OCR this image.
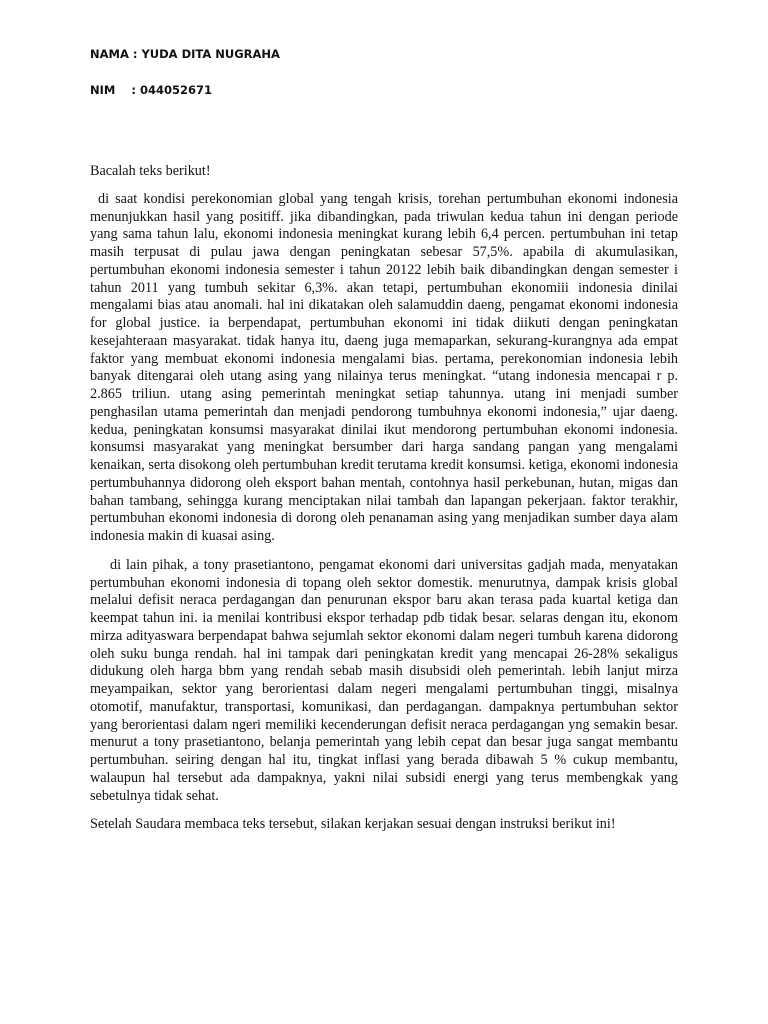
NAMA : YUDA DITA NUGRAHA
NIM    : 044052671

Bacalah teks berikut!

di saat kondisi perekonomian global yang tengah krisis, torehan pertumbuhan ekonomi indonesia menunjukkan hasil yang positiff. jika dibandingkan, pada triwulan kedua tahun ini dengan periode yang sama tahun lalu, ekonomi indonesia meningkat kurang lebih 6,4 percen. pertumbuhan ini tetap masih terpusat di pulau jawa dengan peningkatan sebesar 57,5%. apabila di akumulasikan, pertumbuhan ekonomi indonesia semester i tahun 20122 lebih baik dibandingkan dengan semester i tahun 2011 yang tumbuh sekitar 6,3%. akan tetapi, pertumbuhan ekonomiii indonesia dinilai mengalami bias atau anomali. hal ini dikatakan oleh salamuddin daeng, pengamat ekonomi indonesia for global justice. ia berpendapat, pertumbuhan ekonomi ini tidak diikuti dengan peningkatan kesejahteraan masyarakat. tidak hanya itu, daeng juga memaparkan, sekurang-kurangnya ada empat faktor yang membuat ekonomi indonesia mengalami bias. pertama, perekonomian indonesia lebih banyak ditengarai oleh utang asing yang nilainya terus meningkat. “utang indonesia mencapai r p. 2.865 triliun. utang asing pemerintah meningkat setiap tahunnya. utang ini menjadi sumber penghasilan utama pemerintah dan menjadi pendorong tumbuhnya ekonomi indonesia,” ujar daeng. kedua, peningkatan konsumsi masyarakat dinilai ikut mendorong pertumbuhan ekonomi indonesia. konsumsi masyarakat yang meningkat bersumber dari harga sandang pangan yang mengalami kenaikan, serta disokong oleh pertumbuhan kredit terutama kredit konsumsi. ketiga, ekonomi indonesia pertumbuhannya didorong oleh eksport bahan mentah, contohnya hasil perkebunan, hutan, migas dan bahan tambang, sehingga kurang menciptakan nilai tambah dan lapangan pekerjaan. faktor terakhir, pertumbuhan ekonomi indonesia di dorong oleh penanaman asing yang menjadikan sumber daya alam indonesia makin di kuasai asing.

di lain pihak, a tony prasetiantono, pengamat ekonomi dari universitas gadjah mada, menyatakan pertumbuhan ekonomi indonesia di topang oleh sektor domestik. menurutnya, dampak krisis global melalui defisit neraca perdagangan dan penurunan ekspor baru akan terasa pada kuartal ketiga dan keempat tahun ini. ia menilai kontribusi ekspor terhadap pdb tidak besar. selaras dengan itu, ekonom mirza adityaswara berpendapat bahwa sejumlah sektor ekonomi dalam negeri tumbuh karena didorong oleh suku bunga rendah. hal ini tampak dari peningkatan kredit yang mencapai 26-28% sekaligus didukung oleh harga bbm yang rendah sebab masih disubsidi oleh pemerintah. lebih lanjut mirza meyampaikan, sektor yang berorientasi dalam negeri mengalami pertumbuhan tinggi, misalnya otomotif, manufaktur, transportasi, komunikasi, dan perdagangan. dampaknya pertumbuhan sektor yang berorientasi dalam ngeri memiliki kecenderungan defisit neraca perdagangan yng semakin besar. menurut a tony prasetiantono, belanja pemerintah yang lebih cepat dan besar juga sangat membantu pertumbuhan. seiring dengan hal itu, tingkat inflasi yang berada dibawah 5 % cukup membantu, walaupun hal tersebut ada dampaknya, yakni nilai subsidi energi yang terus membengkak yang sebetulnya tidak sehat.

Setelah Saudara membaca teks tersebut, silakan kerjakan sesuai dengan instruksi berikut ini!
